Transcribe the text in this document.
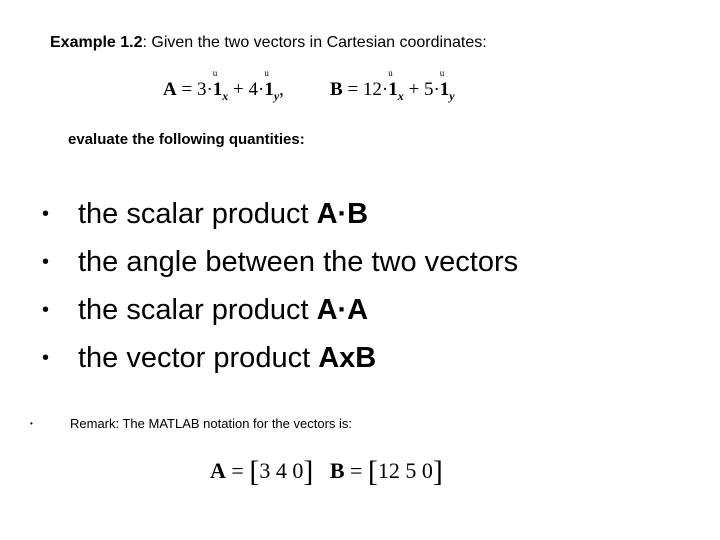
Example 1.2: Given the two vectors in Cartesian coordinates:
A = 3·
u
$1_x + 4\cdot$
u
$1_y$, B = 12·
u
$1_x + 5\cdot$
u
$1_y$
evaluate the following quantities:
• the scalar product A·B
• the angle between the two vectors
• the scalar product A·A
• the vector product AxB
•	Remark: The MATLAB notation for the vectors is:
A = [3 4 0] B = [12 5 0]
